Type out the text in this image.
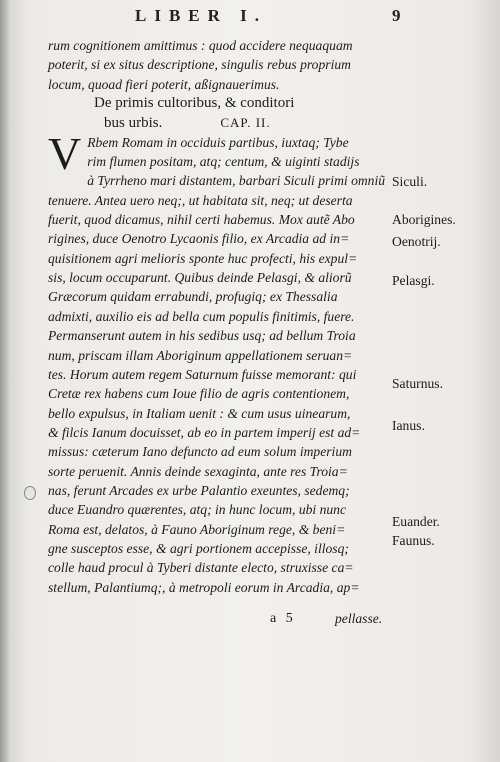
LIBER I.	9
rum cognitionem amittimus : quod accidere nequaquam
poterit, si ex situs descriptione, singulis rebus proprium
locum, quoad fieri poterit, aßignauerimus.
De primis cultoribus, & conditori
bus urbis.	CAP. II.
V Rbem Romam in occiduis partibus, iuxtaq; Tybe
rim flumen positam, atq; centum, & uiginti stadijs
à Tyrrheno mari distantem, barbari Siculi primi omniũ
tenuere. Antea uero neq;, ut habitata sit, neq; ut deserta
fuerit, quod dicamus, nihil certi habemus. Mox autẽ Abo
rigines, duce Oenotro Lycaonis filio, ex Arcadia ad in=
quisitionem agri melioris sponte huc profecti, his expul=
sis, locum occuparunt. Quibus deinde Pelasgi, & aliorũ
Græcorum quidam errabundi, profugiq; ex Thessalia
admixti, auxilio eis ad bella cum populis finitimis, fuere.
Permanserunt autem in his sedibus usq; ad bellum Troia
num, priscam illam Aboriginum appellationem seruan=
tes. Horum autem regem Saturnum fuisse memorant: qui
Cretæ rex habens cum Ioue filio de agris contentionem,
bello expulsus, in Italiam uenit : & cum usus uinearum,
& filcis Ianum docuisset, ab eo in partem imperij est ad=
missus: cæterum Iano defuncto ad eum solum imperium
sorte peruenit. Annis deinde sexaginta, ante res Troia=
nas, ferunt Arcades ex urbe Palantio exeuntes, sedemq;
duce Euandro quærentes, atq; in hunc locum, ubi nunc
Roma est, delatos, à Fauno Aboriginum rege, & beni=
gne susceptos esse, & agri portionem accepisse, illosq;
colle haud procul à Tyberi distante electo, struxisse ca=
stellum, Palantiumq;, à metropoli eorum in Arcadia, ap=
Siculi.
Aborigines.
Oenotrij.
Pelasgi.
Saturnus.
Ianus.
Euander.
Faunus.
a 5	pellasse.
